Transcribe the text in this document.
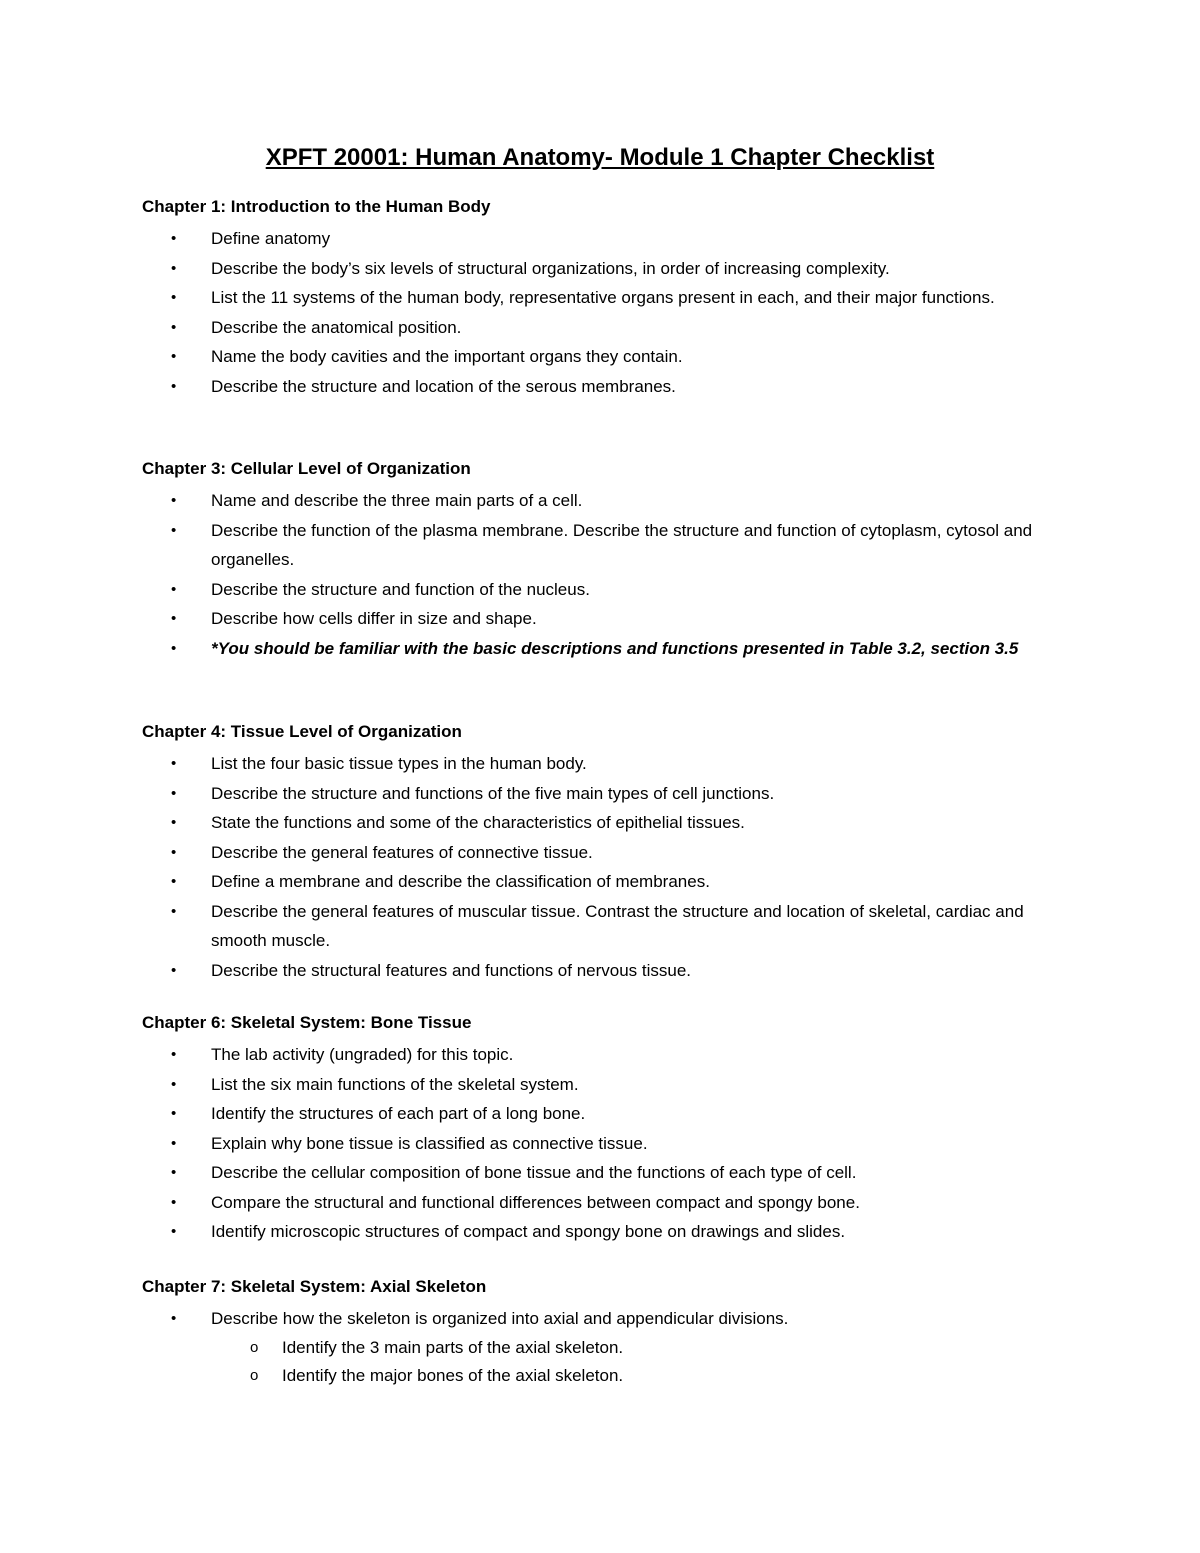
XPFT 20001: Human Anatomy- Module 1 Chapter Checklist
Chapter 1: Introduction to the Human Body
• Define anatomy
• Describe the body’s six levels of structural organizations, in order of increasing complexity.
• List the 11 systems of the human body, representative organs present in each, and their major functions.
• Describe the anatomical position.
• Name the body cavities and the important organs they contain.
• Describe the structure and location of the serous membranes.
Chapter 3: Cellular Level of Organization
• Name and describe the three main parts of a cell.
• Describe the function of the plasma membrane. Describe the structure and function of cytoplasm, cytosol and organelles.
• Describe the structure and function of the nucleus.
• Describe how cells differ in size and shape.
• *You should be familiar with the basic descriptions and functions presented in Table 3.2, section 3.5
Chapter 4: Tissue Level of Organization
• List the four basic tissue types in the human body.
• Describe the structure and functions of the five main types of cell junctions.
• State the functions and some of the characteristics of epithelial tissues.
• Describe the general features of connective tissue.
• Define a membrane and describe the classification of membranes.
• Describe the general features of muscular tissue. Contrast the structure and location of skeletal, cardiac and smooth muscle.
• Describe the structural features and functions of nervous tissue.
Chapter 6: Skeletal System: Bone Tissue
• The lab activity (ungraded) for this topic.
• List the six main functions of the skeletal system.
• Identify the structures of each part of a long bone.
• Explain why bone tissue is classified as connective tissue.
• Describe the cellular composition of bone tissue and the functions of each type of cell.
• Compare the structural and functional differences between compact and spongy bone.
• Identify microscopic structures of compact and spongy bone on drawings and slides.
Chapter 7: Skeletal System: Axial Skeleton
• Describe how the skeleton is organized into axial and appendicular divisions.
o Identify the 3 main parts of the axial skeleton.
o Identify the major bones of the axial skeleton.
